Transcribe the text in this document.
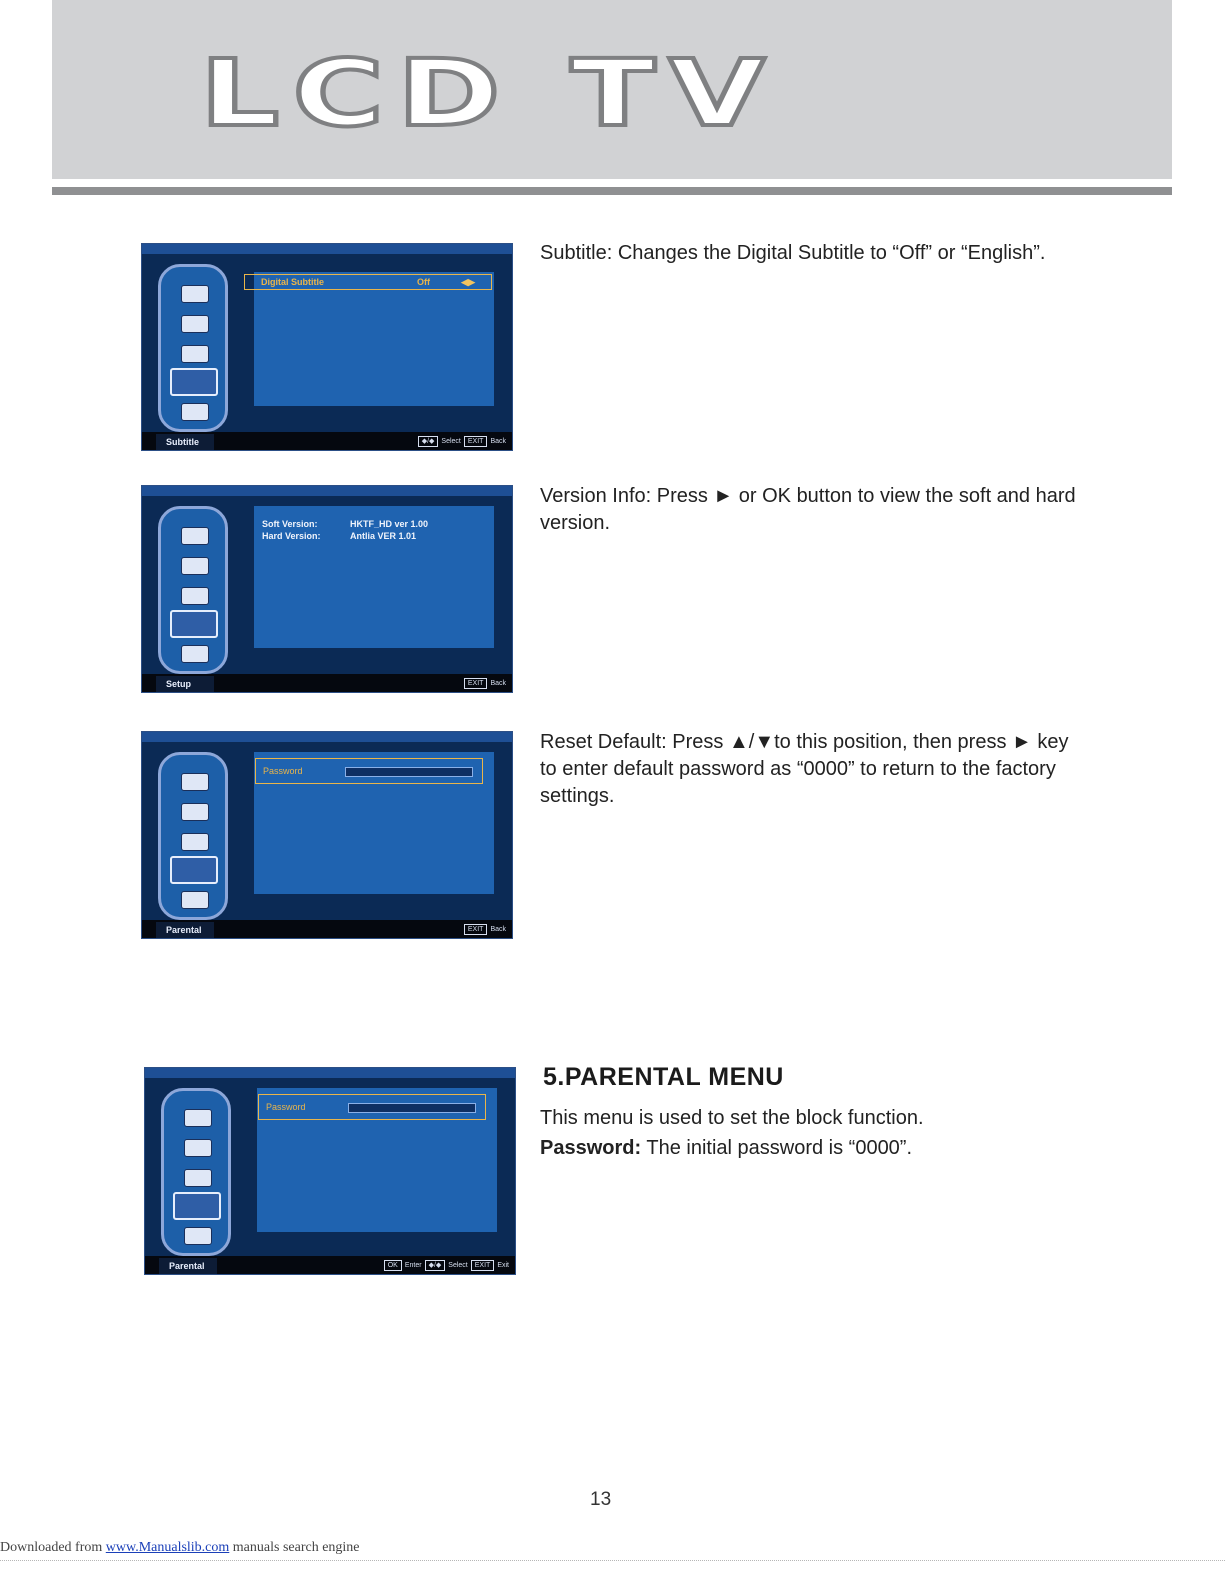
LCD TV
Digital Subtitle	Off	◀▶
Subtitle	◆/◆	Select	EXIT	Back
Subtitle: Changes the Digital Subtitle to “Off” or “English”.
Soft Version:	HKTF_HD ver 1.00
Hard Version:	Antlia VER 1.01
Setup	EXIT	Back
Version Info: Press ► or OK button to view the soft and hard version.
Password
Parental	EXIT	Back
Reset Default: Press ▲/▼to this position, then press ► key to enter default password as “0000” to return to the factory settings.
Password
Parental	OK	Enter	◆/◆	Select	EXIT	Exit
5.PARENTAL MENU
This menu is used to set the block function.
Password: The initial password is “0000”.
13
Downloaded from www.Manualslib.com manuals search engine
